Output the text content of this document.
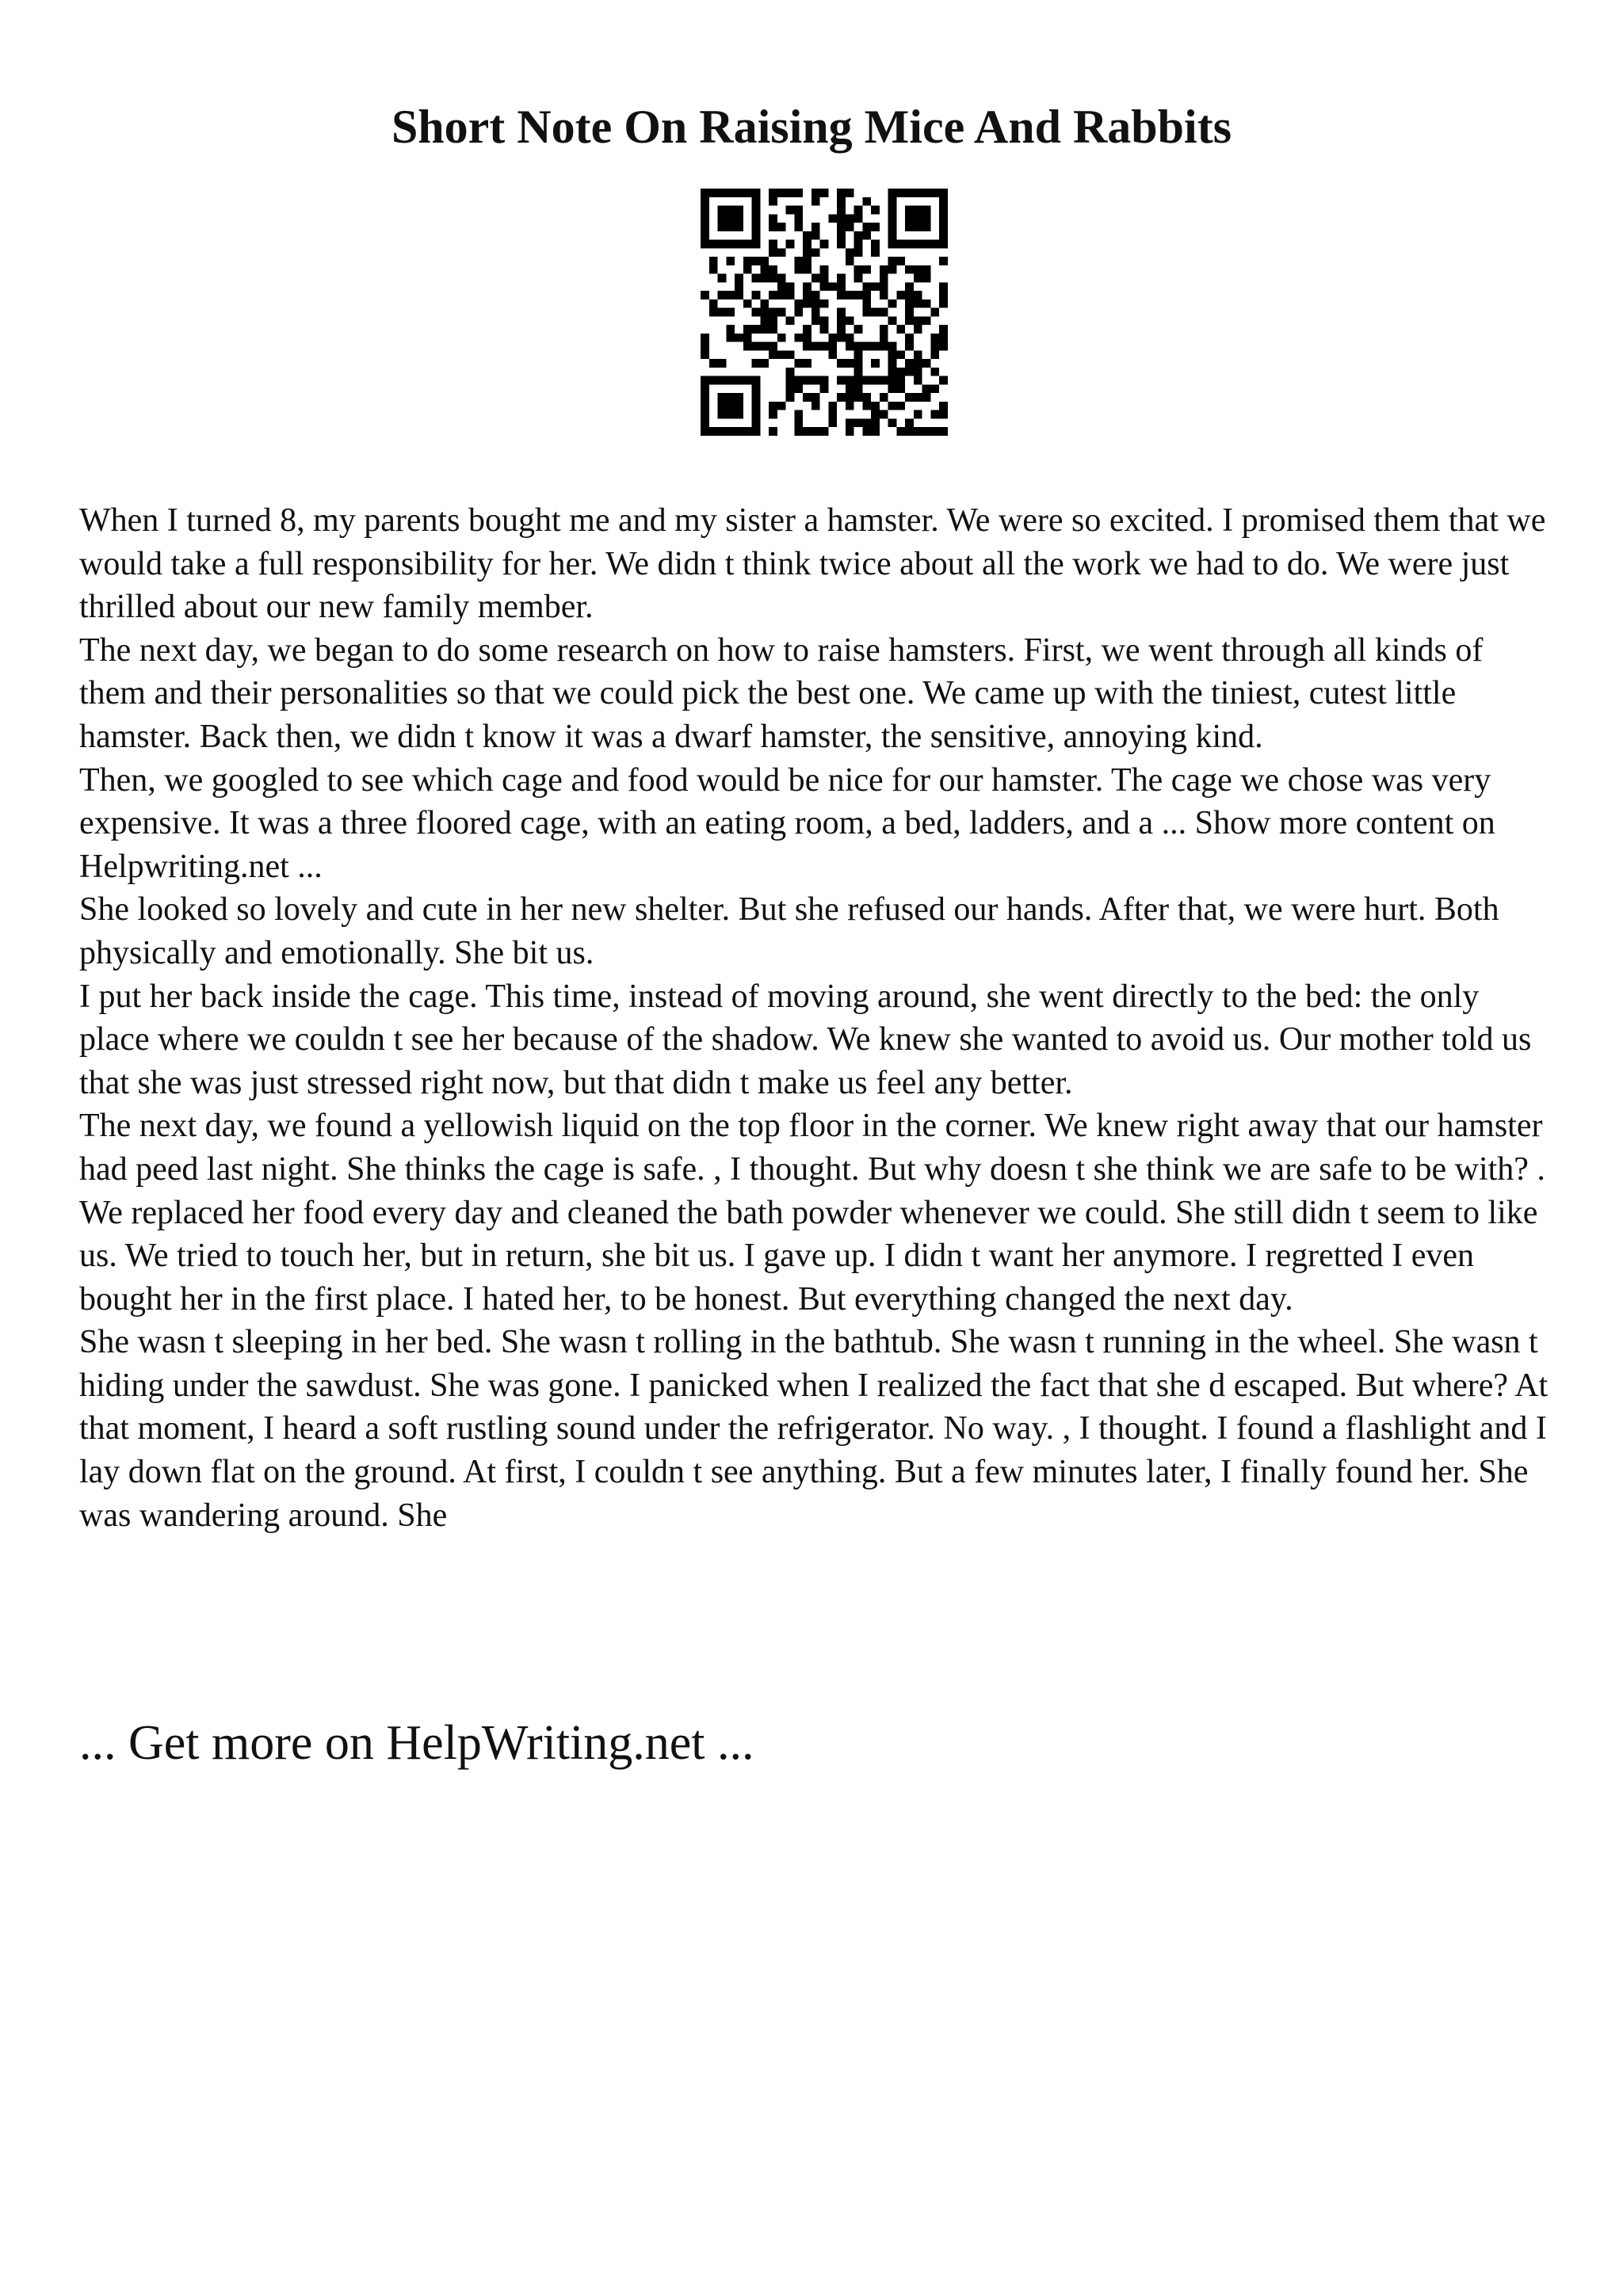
Short Note On Raising Mice And Rabbits

When I turned 8, my parents bought me and my sister a hamster. We were so excited. I promised them that we would take a full responsibility for her. We didn t think twice about all the work we had to do. We were just thrilled about our new family member.

The next day, we began to do some research on how to raise hamsters. First, we went through all kinds of them and their personalities so that we could pick the best one. We came up with the tiniest, cutest little hamster. Back then, we didn t know it was a dwarf hamster, the sensitive, annoying kind.

Then, we googled to see which cage and food would be nice for our hamster. The cage we chose was very expensive. It was a three floored cage, with an eating room, a bed, ladders, and a ... Show more content on Helpwriting.net ...

She looked so lovely and cute in her new shelter. But she refused our hands. After that, we were hurt. Both physically and emotionally. She bit us.

I put her back inside the cage. This time, instead of moving around, she went directly to the bed: the only place where we couldn t see her because of the shadow. We knew she wanted to avoid us. Our mother told us that she was just stressed right now, but that didn t make us feel any better.

The next day, we found a yellowish liquid on the top floor in the corner. We knew right away that our hamster had peed last night. She thinks the cage is safe. , I thought. But why doesn t she think we are safe to be with? .

We replaced her food every day and cleaned the bath powder whenever we could. She still didn t seem to like us. We tried to touch her, but in return, she bit us. I gave up. I didn t want her anymore. I regretted I even bought her in the first place. I hated her, to be honest. But everything changed the next day.

She wasn t sleeping in her bed. She wasn t rolling in the bathtub. She wasn t running in the wheel. She wasn t hiding under the sawdust. She was gone. I panicked when I realized the fact that she d escaped. But where? At that moment, I heard a soft rustling sound under the refrigerator. No way. , I thought. I found a flashlight and I lay down flat on the ground. At first, I couldn t see anything. But a few minutes later, I finally found her. She was wandering around. She

... Get more on HelpWriting.net ...
